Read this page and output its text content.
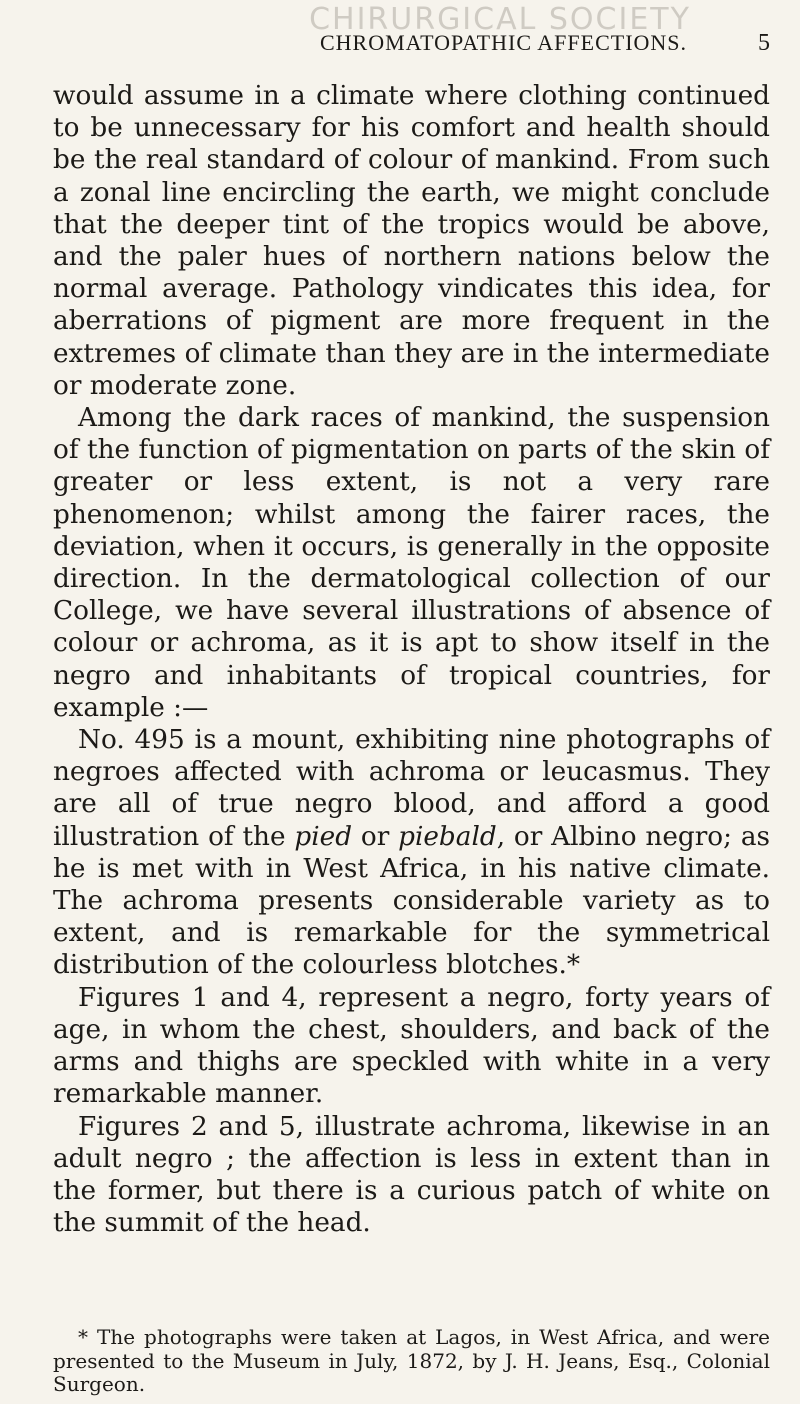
CHIRURGICAL SOCIETY
CHROMATOPATHIC AFFECTIONS.	5

would assume in a climate where clothing continued to be unnecessary for his comfort and health should be the real standard of colour of mankind. From such a zonal line encircling the earth, we might conclude that the deeper tint of the tropics would be above, and the paler hues of northern nations below the normal average. Pathology vindicates this idea, for aberrations of pigment are more frequent in the extremes of climate than they are in the intermediate or moderate zone.

Among the dark races of mankind, the suspension of the function of pigmentation on parts of the skin of greater or less extent, is not a very rare phenomenon; whilst among the fairer races, the deviation, when it occurs, is generally in the opposite direction. In the dermatological collection of our College, we have several illustrations of absence of colour or achroma, as it is apt to show itself in the negro and inhabitants of tropical countries, for example :—

No. 495 is a mount, exhibiting nine photographs of negroes affected with achroma or leucasmus. They are all of true negro blood, and afford a good illustration of the pied or piebald, or Albino negro; as he is met with in West Africa, in his native climate. The achroma presents considerable variety as to extent, and is remarkable for the symmetrical distribution of the colourless blotches.*

Figures 1 and 4, represent a negro, forty years of age, in whom the chest, shoulders, and back of the arms and thighs are speckled with white in a very remarkable manner.

Figures 2 and 5, illustrate achroma, likewise in an adult negro ; the affection is less in extent than in the former, but there is a curious patch of white on the summit of the head.

* The photographs were taken at Lagos, in West Africa, and were presented to the Museum in July, 1872, by J. H. Jeans, Esq., Colonial Surgeon.
